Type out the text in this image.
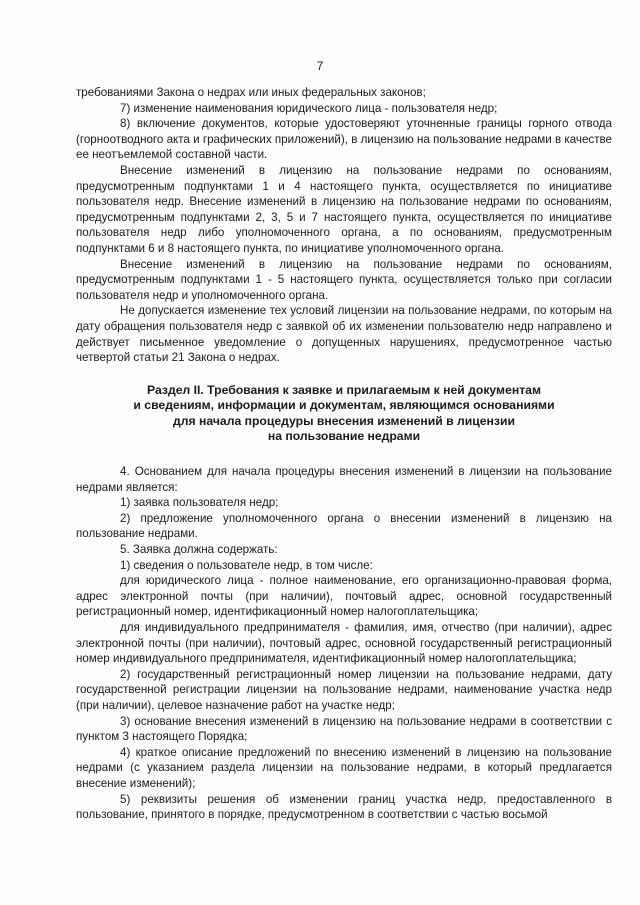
7

требованиями Закона о недрах или иных федеральных законов;

7) изменение наименования юридического лица - пользователя недр;

8) включение документов, которые удостоверяют уточненные границы горного отвода (горноотводного акта и графических приложений), в лицензию на пользование недрами в качестве ее неотъемлемой составной части.

Внесение изменений в лицензию на пользование недрами по основаниям, предусмотренным подпунктами 1 и 4 настоящего пункта, осуществляется по инициативе пользователя недр. Внесение изменений в лицензию на пользование недрами по основаниям, предусмотренным подпунктами 2, 3, 5 и 7 настоящего пункта, осуществляется по инициативе пользователя недр либо уполномоченного органа, а по основаниям, предусмотренным подпунктами 6 и 8 настоящего пункта, по инициативе уполномоченного органа.

Внесение изменений в лицензию на пользование недрами по основаниям, предусмотренным подпунктами 1 - 5 настоящего пункта, осуществляется только при согласии пользователя недр и уполномоченного органа.

Не допускается изменение тех условий лицензии на пользование недрами, по которым на дату обращения пользователя недр с заявкой об их изменении пользователю недр направлено и действует письменное уведомление о допущенных нарушениях, предусмотренное частью четвертой статьи 21 Закона о недрах.

Раздел II. Требования к заявке и прилагаемым к ней документам
и сведениям, информации и документам, являющимся основаниями
для начала процедуры внесения изменений в лицензии
на пользование недрами

4. Основанием для начала процедуры внесения изменений в лицензии на пользование недрами является:

1) заявка пользователя недр;

2) предложение уполномоченного органа о внесении изменений в лицензию на пользование недрами.

5. Заявка должна содержать:

1) сведения о пользователе недр, в том числе:

для юридического лица - полное наименование, его организационно-правовая форма, адрес электронной почты (при наличии), почтовый адрес, основной государственный регистрационный номер, идентификационный номер налогоплательщика;

для индивидуального предпринимателя - фамилия, имя, отчество (при наличии), адрес электронной почты (при наличии), почтовый адрес, основной государственный регистрационный номер индивидуального предпринимателя, идентификационный номер налогоплательщика;

2) государственный регистрационный номер лицензии на пользование недрами, дату государственной регистрации лицензии на пользование недрами, наименование участка недр (при наличии), целевое назначение работ на участке недр;

3) основание внесения изменений в лицензию на пользование недрами в соответствии с пунктом 3 настоящего Порядка;

4) краткое описание предложений по внесению изменений в лицензию на пользование недрами (с указанием раздела лицензии на пользование недрами, в который предлагается внесение изменений);

5) реквизиты решения об изменении границ участка недр, предоставленного в пользование, принятого в порядке, предусмотренном в соответствии с частью восьмой
